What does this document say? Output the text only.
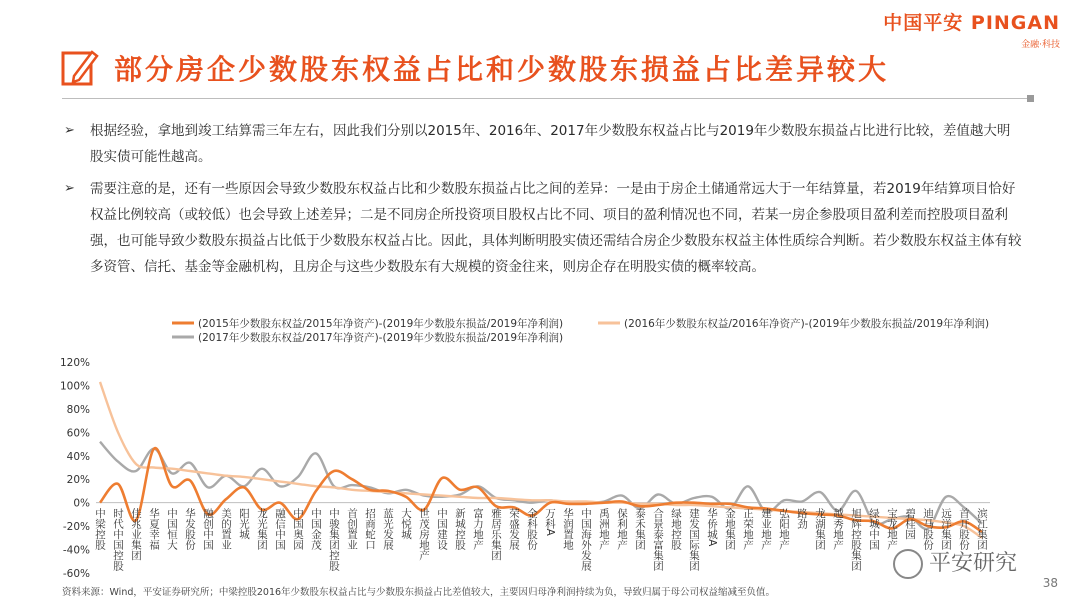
中国平安 PINGAN
金融·科技
部分房企少数股东权益占比和少数股东损益占比差异较大
➢ 根据经验，拿地到竣工结算需三年左右，因此我们分别以2015年、2016年、2017年少数股东权益占比与2019年少数股东损益占比进行比较，差值越大明股实债可能性越高。
➢ 需要注意的是，还有一些原因会导致少数股东权益占比和少数股东损益占比之间的差异：一是由于房企土储通常远大于一年结算量，若2019年结算项目恰好权益比例较高（或较低）也会导致上述差异；二是不同房企所投资项目股权占比不同、项目的盈利情况也不同，若某一房企参股项目盈利差而控股项目盈利强，也可能导致少数股东损益占比低于少数股东权益占比。因此，具体判断明股实债还需结合房企少数股东权益主体性质综合判断。若少数股东权益主体有较多资管、信托、基金等金融机构，且房企与这些少数股东有大规模的资金往来，则房企存在明股实债的概率较高。
-60%
-40%
-20%
0%
20%
40%
60%
80%
100%
120%
中梁控股 时代中国控股 佳兆业集团 华夏幸福 中国恒大 华发股份 融创中国 美的置业 阳光城 龙光集团 融信中国 中国奥园 中国金茂 中骏集团控股 首创置业 招商蛇口 蓝光发展 大悦城 世茂房地产 中国建设 新城控股 富力地产 雅居乐集团 荣盛发展 金科股份 万科A 华润置地 中国海外发展 禹洲地产 保利地产 泰禾集团 合景泰富集团 绿地控股 建发国际集团 华侨城A 金地集团 正荣地产 建业地产 弘阳地产 路劲 龙湖集团 越秀地产 旭辉控股集团 绿城中国 宝龙地产 碧桂园 迪马股份 远洋集团 首开股份 滨江集团
(2015年少数股东权益/2015年净资产)-(2019年少数股东损益/2019年净利润)	(2016年少数股东权益/2016年净资产)-(2019年少数股东损益/2019年净利润)
(2017年少数股东权益/2017年净资产)-(2019年少数股东损益/2019年净利润)
资料来源：Wind，平安证券研究所；中梁控股2016年少数股东权益占比与少数股东损益占比差值较大，主要因归母净利润持续为负，导致归属于母公司权益缩减至负值。
平安研究
38
